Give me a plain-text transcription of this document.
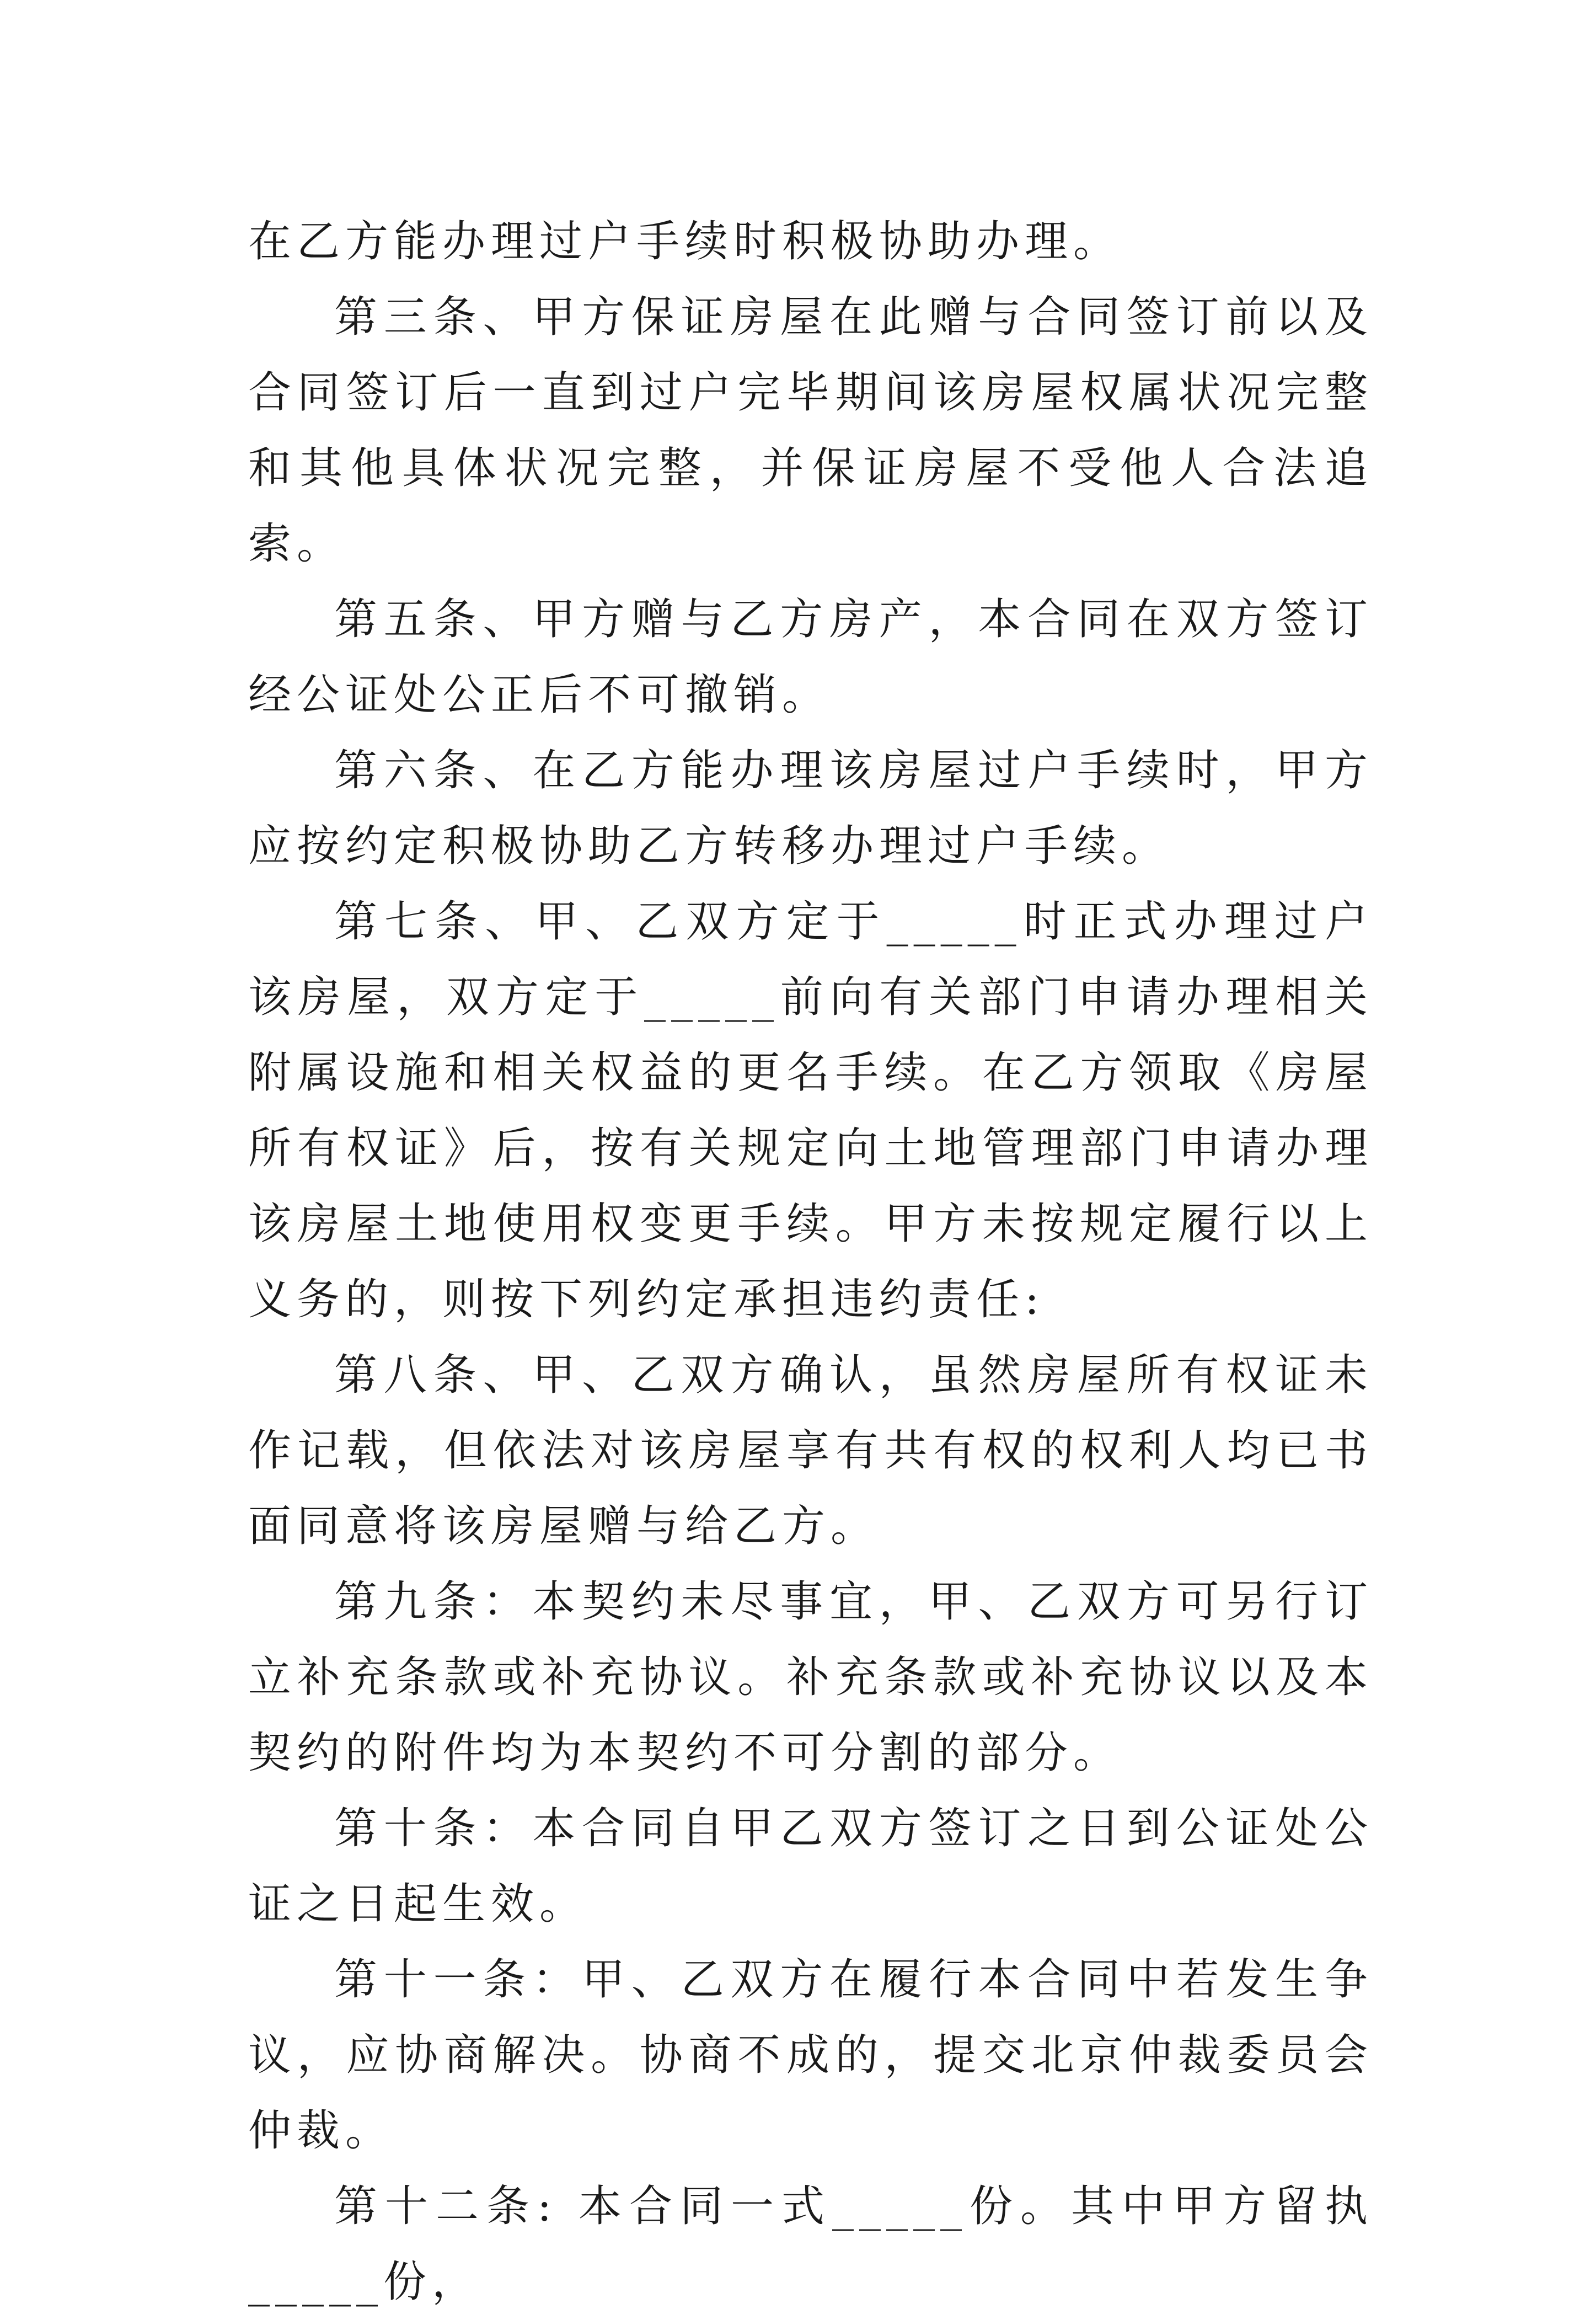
在乙方能办理过户手续时积极协助办理。

第三条、甲方保证房屋在此赠与合同签订前以及合同签订后一直到过户完毕期间该房屋权属状况完整和其他具体状况完整，并保证房屋不受他人合法追索。

第五条、甲方赠与乙方房产，本合同在双方签订经公证处公正后不可撤销。

第六条、在乙方能办理该房屋过户手续时，甲方应按约定积极协助乙方转移办理过户手续。

第七条、甲、乙双方定于_____时正式办理过户该房屋，双方定于_____前向有关部门申请办理相关附属设施和相关权益的更名手续。在乙方领取《房屋所有权证》后，按有关规定向土地管理部门申请办理该房屋土地使用权变更手续。甲方未按规定履行以上义务的，则按下列约定承担违约责任:

第八条、甲、乙双方确认，虽然房屋所有权证未作记载，但依法对该房屋享有共有权的权利人均已书面同意将该房屋赠与给乙方。

第九条：本契约未尽事宜，甲、乙双方可另行订立补充条款或补充协议。补充条款或补充协议以及本契约的附件均为本契约不可分割的部分。

第十条：本合同自甲乙双方签订之日到公证处公证之日起生效。

第十一条：甲、乙双方在履行本合同中若发生争议，应协商解决。协商不成的，提交北京仲裁委员会仲裁。

第十二条: 本合同一式_____份。其中甲方留执_____份，
